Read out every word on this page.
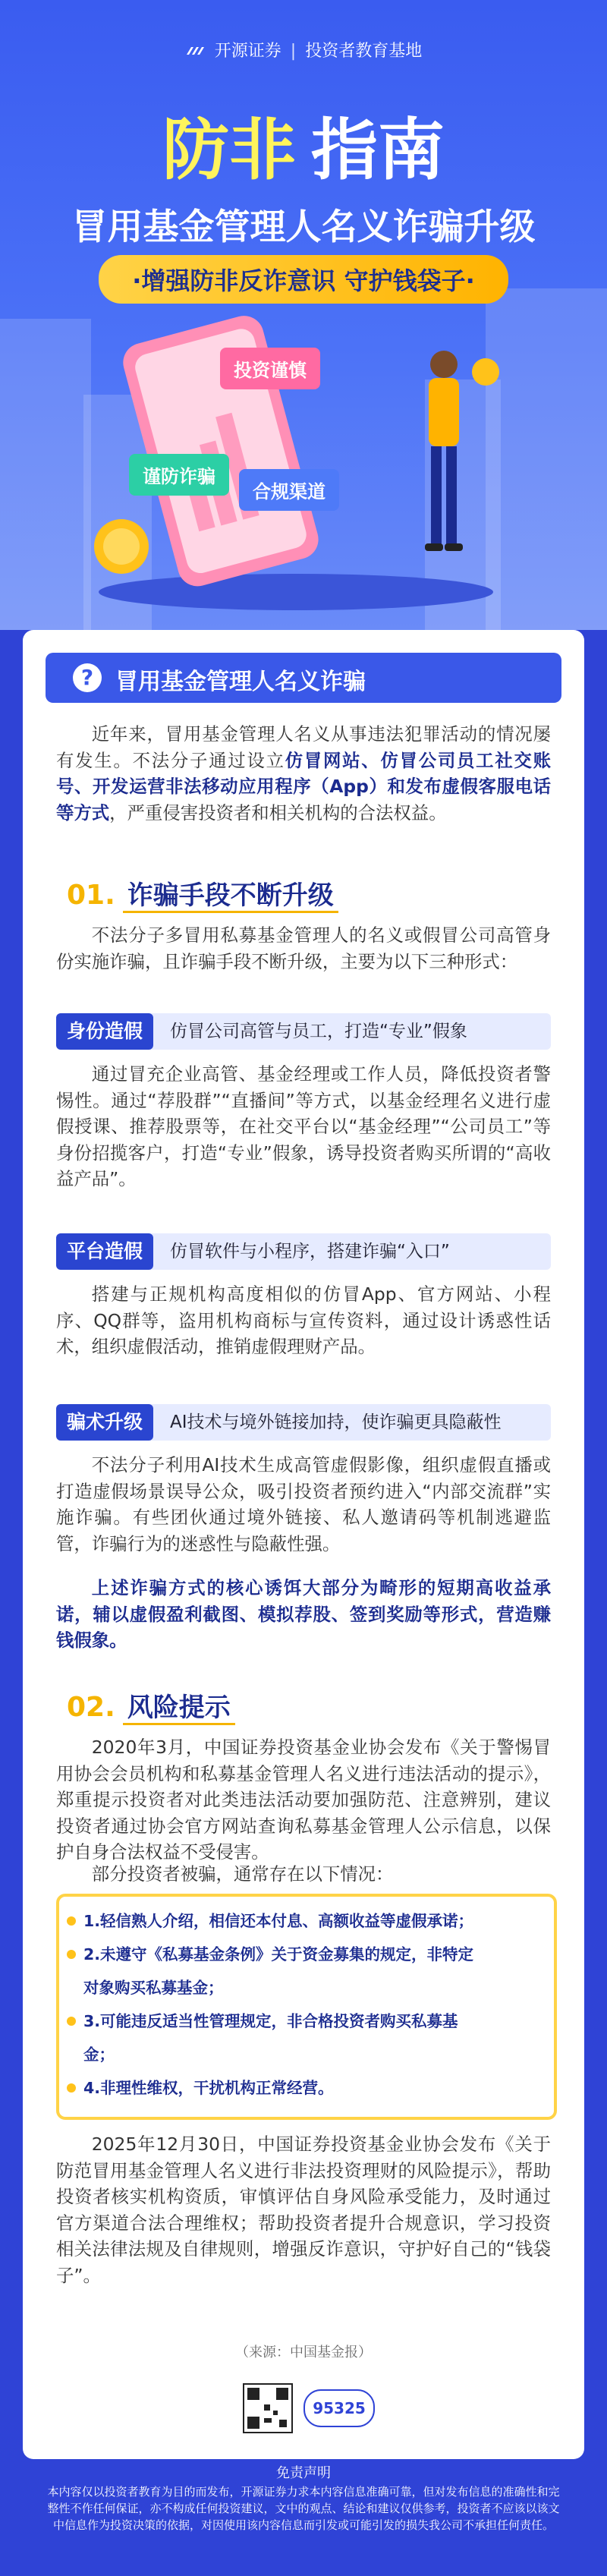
开源证券 | 投资者教育基地
防非 指南
冒用基金管理人名义诈骗升级
·增强防非反诈意识 守护钱袋子·
投资谨慎
谨防诈骗
合规渠道
? 冒用基金管理人名义诈骗

近年来，冒用基金管理人名义从事违法犯罪活动的情况屡有发生。不法分子通过设立仿冒网站、仿冒公司员工社交账号、开发运营非法移动应用程序（App）和发布虚假客服电话等方式，严重侵害投资者和相关机构的合法权益。

01. 诈骗手段不断升级

不法分子多冒用私募基金管理人的名义或假冒公司高管身份实施诈骗，且诈骗手段不断升级，主要为以下三种形式：

身份造假	仿冒公司高管与员工，打造“专业”假象

通过冒充企业高管、基金经理或工作人员，降低投资者警惕性。通过“荐股群”“直播间”等方式，以基金经理名义进行虚假授课、推荐股票等，在社交平台以“基金经理”“公司员工”等身份招揽客户，打造“专业”假象，诱导投资者购买所谓的“高收益产品”。

平台造假	仿冒软件与小程序，搭建诈骗“入口”

搭建与正规机构高度相似的仿冒App、官方网站、小程序、QQ群等，盗用机构商标与宣传资料，通过设计诱惑性话术，组织虚假活动，推销虚假理财产品。

骗术升级	AI技术与境外链接加持，使诈骗更具隐蔽性

不法分子利用AI技术生成高管虚假影像，组织虚假直播或打造虚假场景误导公众，吸引投资者预约进入“内部交流群”实施诈骗。有些团伙通过境外链接、私人邀请码等机制逃避监管，诈骗行为的迷惑性与隐蔽性强。

上述诈骗方式的核心诱饵大部分为畸形的短期高收益承诺，辅以虚假盈利截图、模拟荐股、签到奖励等形式，营造赚钱假象。

02. 风险提示

2020年3月，中国证券投资基金业协会发布《关于警惕冒用协会会员机构和私募基金管理人名义进行违法活动的提示》，郑重提示投资者对此类违法活动要加强防范、注意辨别，建议投资者通过协会官方网站查询私募基金管理人公示信息，以保护自身合法权益不受侵害。

部分投资者被骗，通常存在以下情况：

1.轻信熟人介绍，相信还本付息、高额收益等虚假承诺；
2.未遵守《私募基金条例》关于资金募集的规定，非特定
对象购买私募基金；
3.可能违反适当性管理规定，非合格投资者购买私募基
金；
4.非理性维权，干扰机构正常经营。

2025年12月30日，中国证券投资基金业协会发布《关于防范冒用基金管理人名义进行非法投资理财的风险提示》，帮助投资者核实机构资质，审慎评估自身风险承受能力，及时通过官方渠道合法合理维权；帮助投资者提升合规意识，学习投资相关法律法规及自律规则，增强反诈意识，守护好自己的“钱袋子”。

（来源：中国基金报）
95325
免责声明
本内容仅以投资者教育为目的而发布，开源证券力求本内容信息准确可靠，但对发布信息的准确性和完整性不作任何保证，亦不构成任何投资建议，文中的观点、结论和建议仅供参考，投资者不应该以该文中信息作为投资决策的依据，对因使用该内容信息而引发或可能引发的损失我公司不承担任何责任。
